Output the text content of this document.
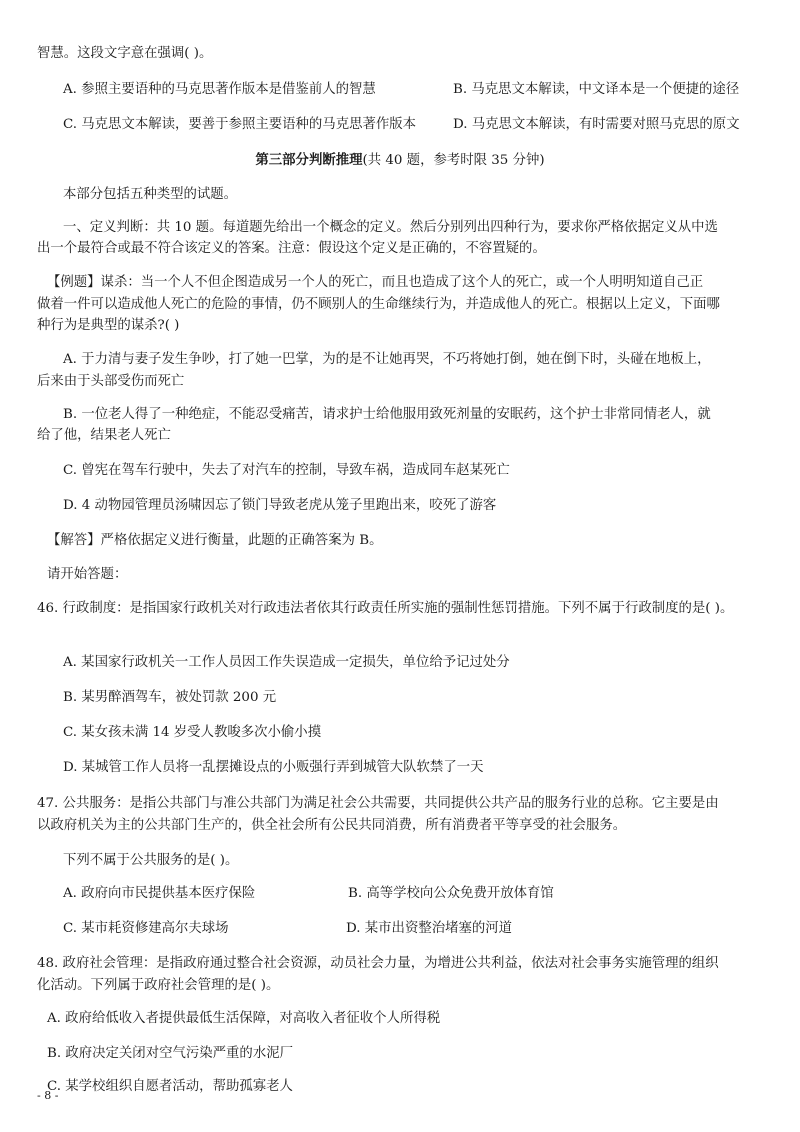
智慧。这段文字意在强调( )。
A. 参照主要语种的马克思著作版本是借鉴前人的智慧	B. 马克思文本解读，中文译本是一个便捷的途径
C. 马克思文本解读，要善于参照主要语种的马克思著作版本	D. 马克思文本解读，有时需要对照马克思的原文
第三部分判断推理(共 40 题，参考时限 35 分钟)
本部分包括五种类型的试题。
一、定义判断：共 10 题。每道题先给出一个概念的定义。然后分别列出四种行为，要求你严格依据定义从中选
出一个最符合或最不符合该定义的答案。注意：假设这个定义是正确的，不容置疑的。
【例题】谋杀：当一个人不但企图造成另一个人的死亡，而且也造成了这个人的死亡，或一个人明明知道自己正
做着一件可以造成他人死亡的危险的事情，仍不顾别人的生命继续行为，并造成他人的死亡。根据以上定义，下面哪
种行为是典型的谋杀?( )
A. 于力清与妻子发生争吵，打了她一巴掌，为的是不让她再哭，不巧将她打倒，她在倒下时，头碰在地板上，
后来由于头部受伤而死亡
B. 一位老人得了一种绝症，不能忍受痛苦，请求护士给他服用致死剂量的安眠药，这个护士非常同情老人，就
给了他，结果老人死亡
C. 曾宪在驾车行驶中，失去了对汽车的控制，导致车祸，造成同车赵某死亡
D. 4 动物园管理员汤啸因忘了锁门导致老虎从笼子里跑出来，咬死了游客
【解答】严格依据定义进行衡量，此题的正确答案为 B。
请开始答题：
46. 行政制度：是指国家行政机关对行政违法者依其行政责任所实施的强制性惩罚措施。下列不属于行政制度的是( )。
A. 某国家行政机关一工作人员因工作失误造成一定损失，单位给予记过处分
B. 某男醉酒驾车，被处罚款 200 元
C. 某女孩未满 14 岁受人教唆多次小偷小摸
D. 某城管工作人员将一乱摆摊设点的小贩强行弄到城管大队软禁了一天
47. 公共服务：是指公共部门与准公共部门为满足社会公共需要，共同提供公共产品的服务行业的总称。它主要是由
以政府机关为主的公共部门生产的，供全社会所有公民共同消费，所有消费者平等享受的社会服务。
下列不属于公共服务的是( )。
A. 政府向市民提供基本医疗保险	B. 高等学校向公众免费开放体育馆
C. 某市耗资修建高尔夫球场	D. 某市出资整治堵塞的河道
48. 政府社会管理：是指政府通过整合社会资源，动员社会力量，为增进公共利益，依法对社会事务实施管理的组织
化活动。下列属于政府社会管理的是( )。
A. 政府给低收入者提供最低生活保障，对高收入者征收个人所得税
B. 政府决定关闭对空气污染严重的水泥厂
C. 某学校组织自愿者活动，帮助孤寡老人
- 8 -
